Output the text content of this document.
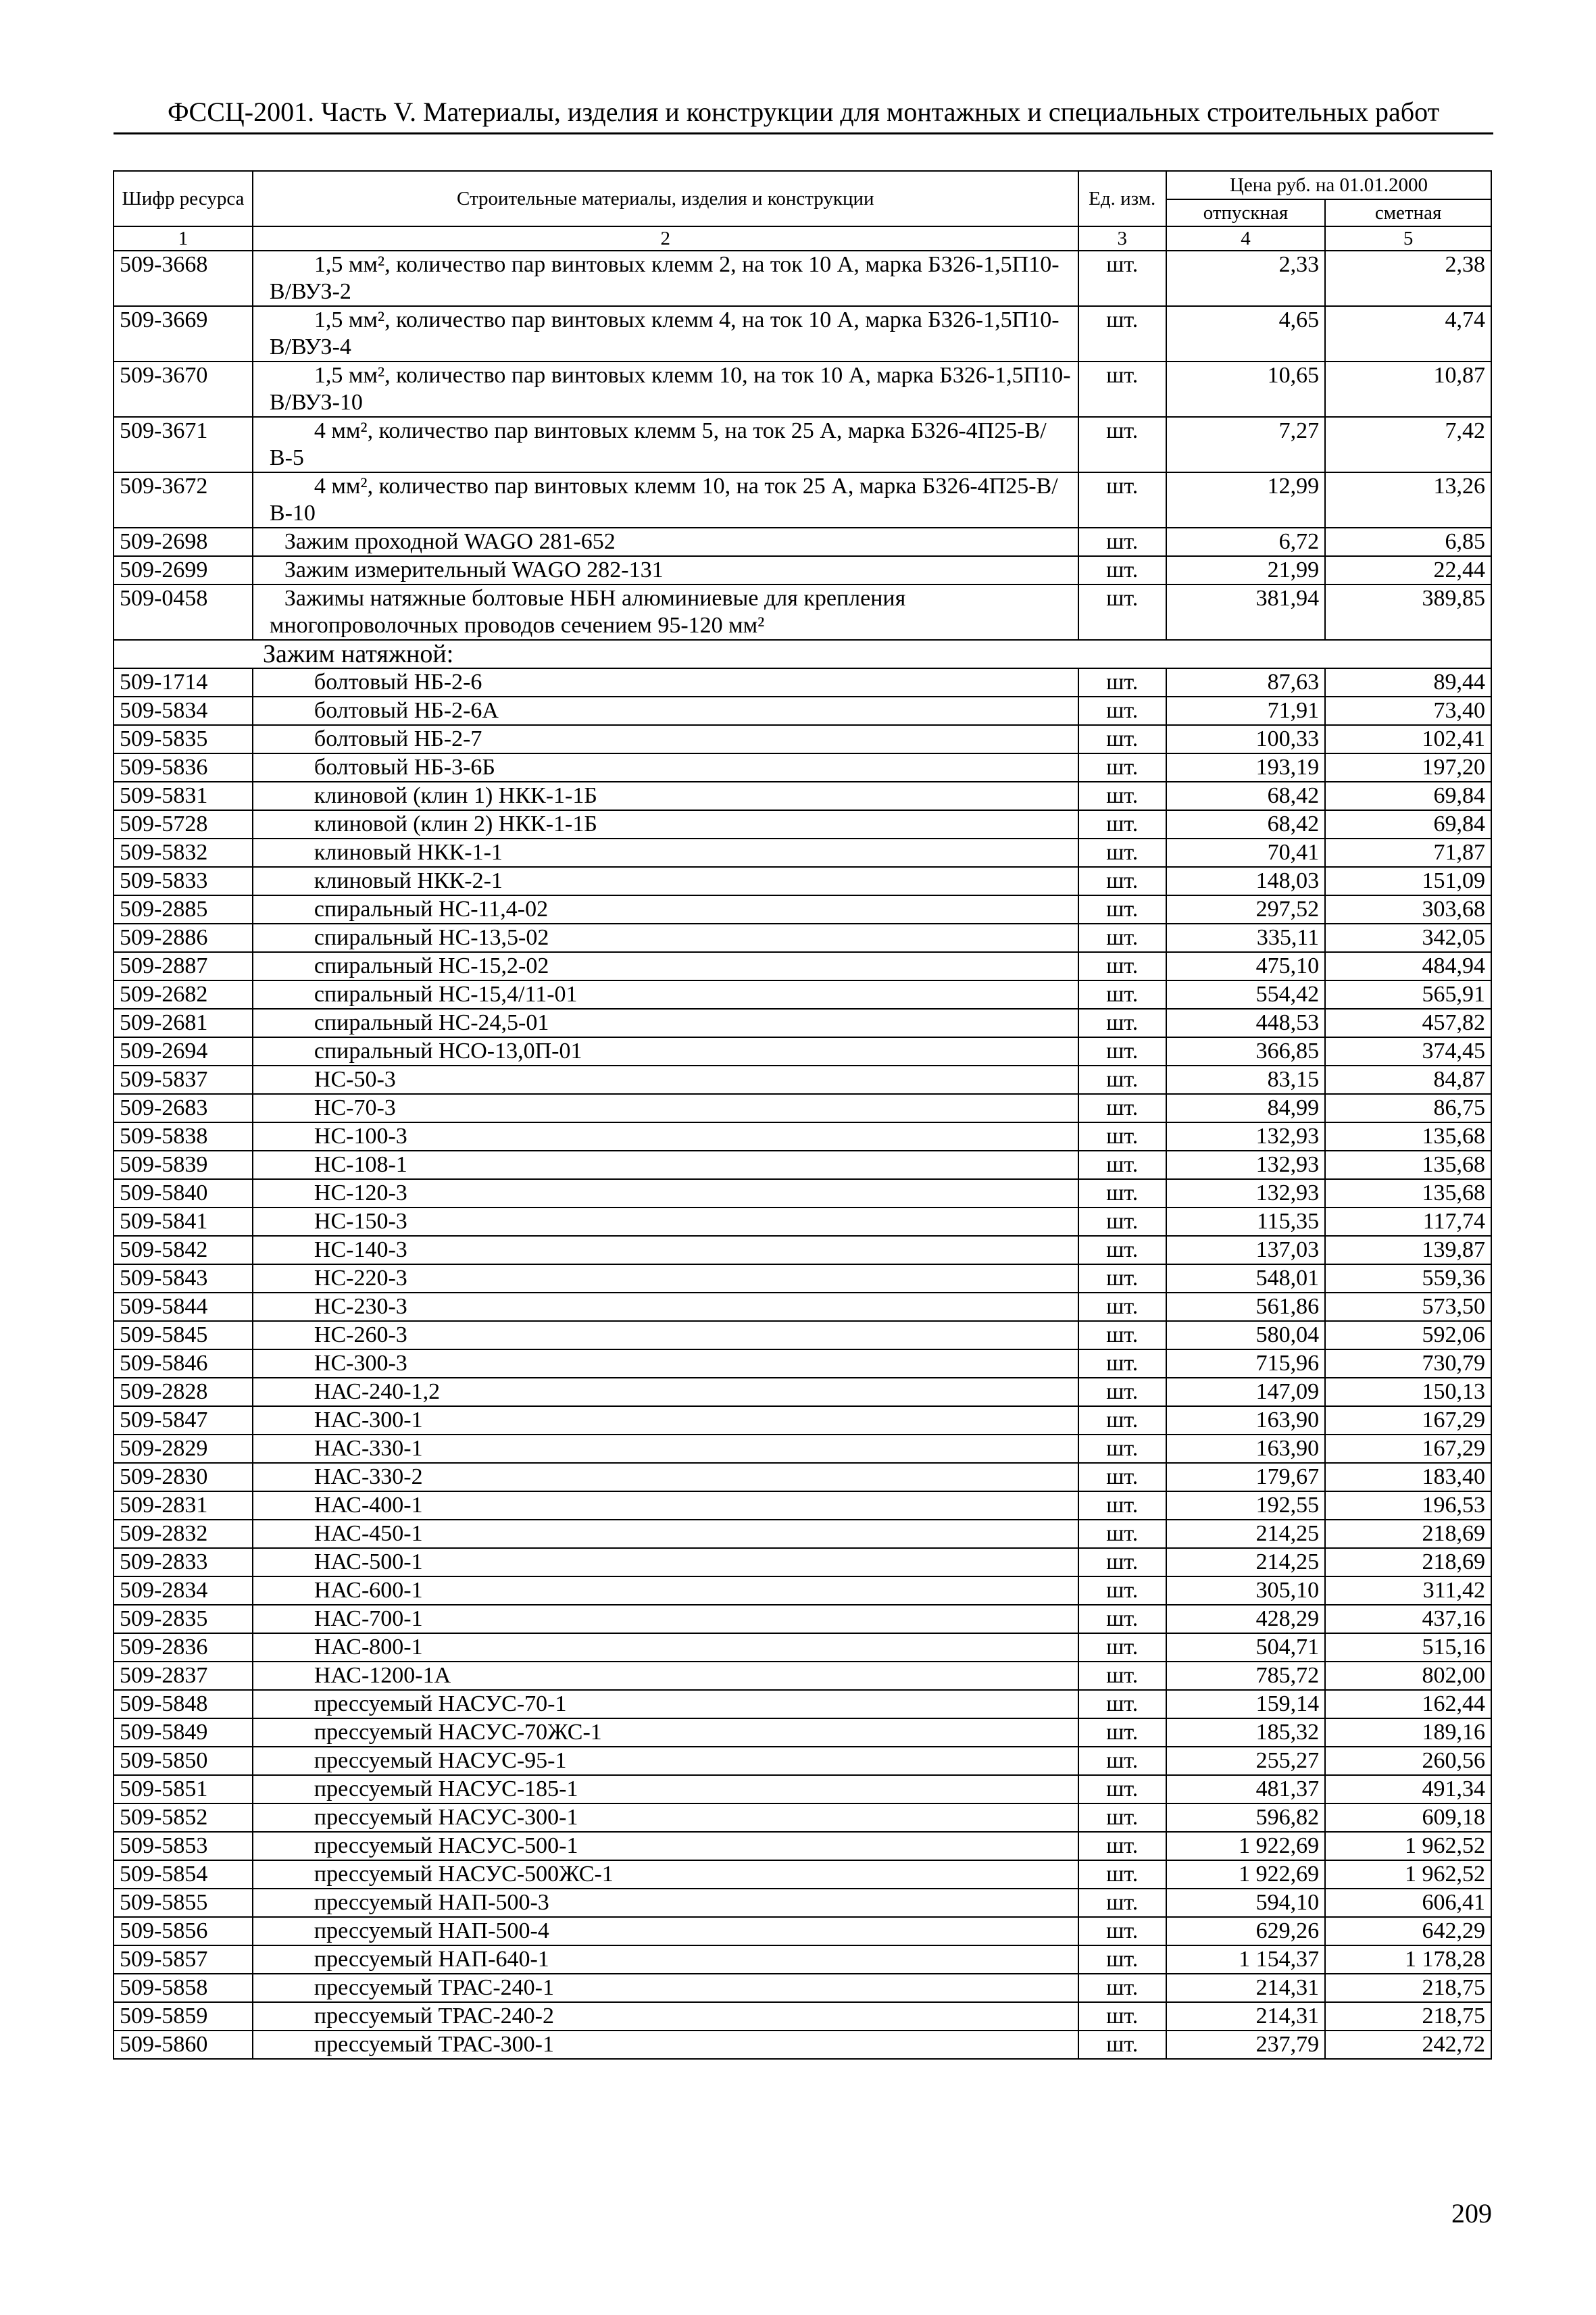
ФССЦ-2001. Часть V. Материалы, изделия и конструкции для монтажных и специальных строительных работ
Шифр ресурса	Строительные материалы, изделия и конструкции	Ед. изм.	Цена руб. на 01.01.2000	
			отпускная	сметная
1	2	3	4	5
509-3668	1,5 мм², количество пар винтовых клемм 2, на ток 10 А, марка Б326-1,5П10-В/ВУЗ-2	шт.	2,33	2,38
509-3669	1,5 мм², количество пар винтовых клемм 4, на ток 10 А, марка Б326-1,5П10-В/ВУЗ-4	шт.	4,65	4,74
509-3670	1,5 мм², количество пар винтовых клемм 10, на ток 10 А, марка Б326-1,5П10-В/ВУЗ-10	шт.	10,65	10,87
509-3671	4 мм², количество пар винтовых клемм 5, на ток 25 А, марка Б326-4П25-В/В-5	шт.	7,27	7,42
509-3672	4 мм², количество пар винтовых клемм 10, на ток 25 А, марка Б326-4П25-В/В-10	шт.	12,99	13,26
509-2698	Зажим проходной WAGO 281-652	шт.	6,72	6,85
509-2699	Зажим измерительный WAGO 282-131	шт.	21,99	22,44
509-0458	Зажимы натяжные болтовые НБН алюминиевые для крепления многопроволочных проводов сечением 95-120 мм²	шт.	381,94	389,85
Зажим натяжной:				
509-1714	болтовый НБ-2-6	шт.	87,63	89,44
509-5834	болтовый НБ-2-6А	шт.	71,91	73,40
509-5835	болтовый НБ-2-7	шт.	100,33	102,41
509-5836	болтовый НБ-3-6Б	шт.	193,19	197,20
509-5831	клиновой (клин 1) НКК-1-1Б	шт.	68,42	69,84
509-5728	клиновой (клин 2) НКК-1-1Б	шт.	68,42	69,84
509-5832	клиновый НКК-1-1	шт.	70,41	71,87
509-5833	клиновый НКК-2-1	шт.	148,03	151,09
509-2885	спиральный НС-11,4-02	шт.	297,52	303,68
509-2886	спиральный НС-13,5-02	шт.	335,11	342,05
509-2887	спиральный НС-15,2-02	шт.	475,10	484,94
509-2682	спиральный НС-15,4/11-01	шт.	554,42	565,91
509-2681	спиральный НС-24,5-01	шт.	448,53	457,82
509-2694	спиральный НСО-13,0П-01	шт.	366,85	374,45
509-5837	НС-50-3	шт.	83,15	84,87
509-2683	НС-70-3	шт.	84,99	86,75
509-5838	НС-100-3	шт.	132,93	135,68
509-5839	НС-108-1	шт.	132,93	135,68
509-5840	НС-120-3	шт.	132,93	135,68
509-5841	НС-150-3	шт.	115,35	117,74
509-5842	НС-140-3	шт.	137,03	139,87
509-5843	НС-220-3	шт.	548,01	559,36
509-5844	НС-230-3	шт.	561,86	573,50
509-5845	НС-260-3	шт.	580,04	592,06
509-5846	НС-300-3	шт.	715,96	730,79
509-2828	НАС-240-1,2	шт.	147,09	150,13
509-5847	НАС-300-1	шт.	163,90	167,29
509-2829	НАС-330-1	шт.	163,90	167,29
509-2830	НАС-330-2	шт.	179,67	183,40
509-2831	НАС-400-1	шт.	192,55	196,53
509-2832	НАС-450-1	шт.	214,25	218,69
509-2833	НАС-500-1	шт.	214,25	218,69
509-2834	НАС-600-1	шт.	305,10	311,42
509-2835	НАС-700-1	шт.	428,29	437,16
509-2836	НАС-800-1	шт.	504,71	515,16
509-2837	НАС-1200-1А	шт.	785,72	802,00
509-5848	прессуемый НАСУС-70-1	шт.	159,14	162,44
509-5849	прессуемый НАСУС-70ЖС-1	шт.	185,32	189,16
509-5850	прессуемый НАСУС-95-1	шт.	255,27	260,56
509-5851	прессуемый НАСУС-185-1	шт.	481,37	491,34
509-5852	прессуемый НАСУС-300-1	шт.	596,82	609,18
509-5853	прессуемый НАСУС-500-1	шт.	1 922,69	1 962,52
509-5854	прессуемый НАСУС-500ЖС-1	шт.	1 922,69	1 962,52
509-5855	прессуемый НАП-500-3	шт.	594,10	606,41
509-5856	прессуемый НАП-500-4	шт.	629,26	642,29
509-5857	прессуемый НАП-640-1	шт.	1 154,37	1 178,28
509-5858	прессуемый ТРАС-240-1	шт.	214,31	218,75
509-5859	прессуемый ТРАС-240-2	шт.	214,31	218,75
509-5860	прессуемый ТРАС-300-1	шт.	237,79	242,72
209
